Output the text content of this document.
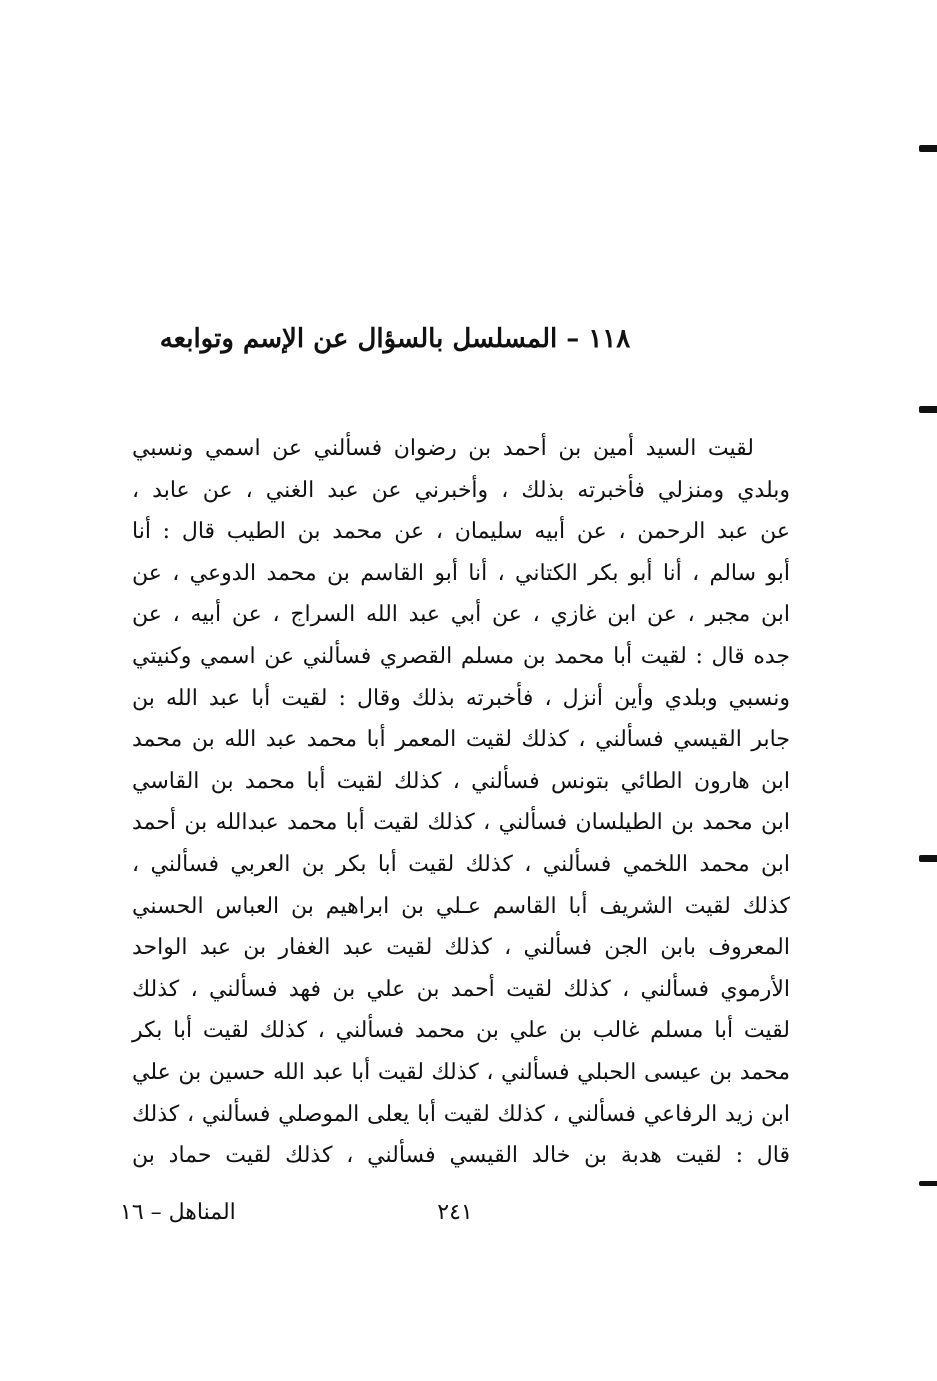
١١٨ – المسلسل بالسؤال عن الإسم وتوابعه
لقيت السيد أمين بن أحمد بن رضوان فسألني عن اسمي ونسبي
وبلدي ومنزلي فأخبرته بذلك ، وأخبرني عن عبد الغني ، عن عابد ،
عن عبد الرحمن ، عن أبيه سليمان ، عن محمد بن الطيب قال : أنا
أبو سالم ، أنا أبو بكر الكتاني ، أنا أبو القاسم بن محمد الدوعي ، عن
ابن مجبر ، عن ابن غازي ، عن أبي عبد الله السراج ، عن أبيه ، عن
جده قال : لقيت أبا محمد بن مسلم القصري فسألني عن اسمي وكنيتي
ونسبي وبلدي وأين أنزل ، فأخبرته بذلك وقال : لقيت أبا عبد الله بن
جابر القيسي فسألني ، كذلك لقيت المعمر أبا محمد عبد الله بن محمد
ابن هارون الطائي بتونس فسألني ، كذلك لقيت أبا محمد بن القاسي
ابن محمد بن الطيلسان فسألني ، كذلك لقيت أبا محمد عبدالله بن أحمد
ابن محمد اللخمي فسألني ، كذلك لقيت أبا بكر بن العربي فسألني ،
كذلك لقيت الشريف أبا القاسم عـلي بن ابراهيم بن العباس الحسني
المعروف بابن الجن فسألني ، كذلك لقيت عبد الغفار بن عبد الواحد
الأرموي فسألني ، كذلك لقيت أحمد بن علي بن فهد فسألني ، كذلك
لقيت أبا مسلم غالب بن علي بن محمد فسألني ، كذلك لقيت أبا بكر
محمد بن عيسى الحبلي فسألني ، كذلك لقيت أبا عبد الله حسين بن علي
ابن زيد الرفاعي فسألني ، كذلك لقيت أبا يعلى الموصلي فسألني ، كذلك
قال : لقيت هدبة بن خالد القيسي فسألني ، كذلك لقيت حماد بن
٢٤١
المناهل – ١٦
